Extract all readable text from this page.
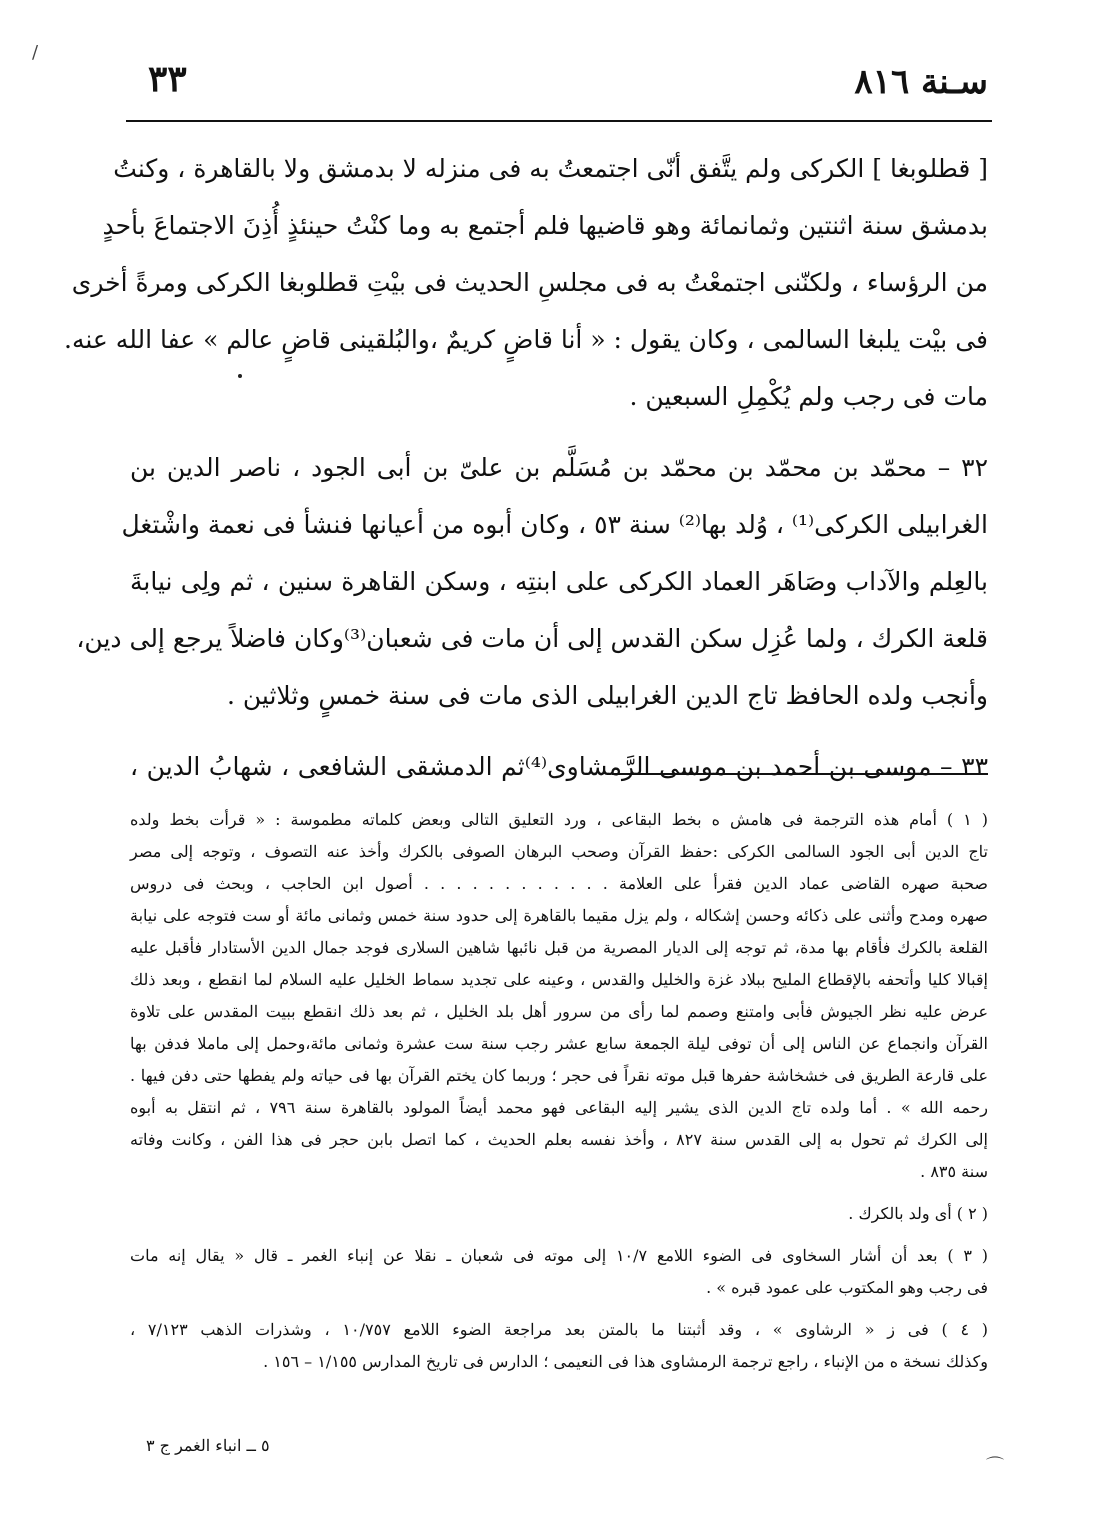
سـنة ٨١٦
٣٣
[ قطلوبغا ] الكركى ولم يتَّفق أنّى اجتمعتُ به فى منزله لا بدمشق ولا بالقاهرة ، وكنتُ
بدمشق سنة اثنتين وثمانمائة وهو قاضيها فلم أجتمع به وما كنْتُ حينئذٍ أُذِنَ الاجتماعَ بأحدٍ
من الرؤساء ، ولكنّنى اجتمعْتُ به فى مجلسِ الحديث فى بيْتِ قطلوبغا الكركى ومرةً أخرى
فى بيْت يلبغا السالمى ، وكان يقول : « أنا قاضٍ كريمٌ ،والبُلقينى قاضٍ عالم » عفا الله عنه.
مات فى رجب ولم يُكْمِلِ السبعين .
٣٢ – محمّد بن محمّد بن محمّد بن مُسَلَّم بن علىّ بن أبى الجود ، ناصر الدين بن
الغرابيلى الكركى⁽¹⁾ ، وُلد بها⁽²⁾ سنة ٥٣ ، وكان أبوه من أعيانها فنشأ فى نعمة واشْتغل
بالعِلم والآداب وصَاهَر العماد الكركى على ابنتِه ، وسكن القاهرة سنين ، ثم ولِى نيابةَ
قلعة الكرك ، ولما عُزِل سكن القدس إلى أن مات فى شعبان⁽³⁾وكان فاضلاً يرجع إلى دين،
وأنجب ولده الحافظ تاج الدين الغرابيلى الذى مات فى سنة خمسٍ وثلاثين .
٣٣ – موسى بن أحمد بن موسى الرَّمشاوى⁽⁴⁾ثم الدمشقى الشافعى ، شهابُ الدين ،
( ١ ) أمام هذه الترجمة فى هامش ه بخط البقاعى ، ورد التعليق التالى وبعض كلماته مطموسة : « قرأت بخط ولده
تاج الدين أبى الجود السالمى الكركى :حفظ القرآن وصحب البرهان الصوفى بالكرك وأخذ عنه التصوف ، وتوجه إلى مصر
صحبة صهره القاضى عماد الدين فقرأ على العلامة . . . . . . . . . . . . أصول ابن الحاجب ، وبحث فى دروس
صهره ومدح وأثنى على ذكائه وحسن إشكاله ، ولم يزل مقيما بالقاهرة إلى حدود سنة خمس وثمانى مائة أو ست فتوجه على نيابة
القلعة بالكرك فأقام بها مدة، ثم توجه إلى الديار المصرية من قبل نائبها شاهين السلارى فوجد جمال الدين الأستادار فأقبل عليه
إقبالا كليا وأتحفه بالإقطاع المليح ببلاد غزة والخليل والقدس ، وعينه على تجديد سماط الخليل عليه السلام لما انقطع ، وبعد ذلك
عرض عليه نظر الجيوش فأبى وامتنع وصمم لما رأى من سرور أهل بلد الخليل ، ثم بعد ذلك انقطع ببيت المقدس على تلاوة
القرآن وانجماع عن الناس إلى أن توفى ليلة الجمعة سابع عشر رجب سنة ست عشرة وثمانى مائة،وحمل إلى ماملا فدفن بها
على قارعة الطريق فى خشخاشة حفرها قبل موته نقراً فى حجر ؛ وربما كان يختم القرآن بها فى حياته ولم يفطها حتى دفن فيها .
رحمه الله » . أما ولده تاج الدين الذى يشير إليه البقاعى فهو محمد أيضاً المولود بالقاهرة سنة ٧٩٦ ، ثم انتقل به أبوه
إلى الكرك ثم تحول به إلى القدس سنة ٨٢٧ ، وأخذ نفسه بعلم الحديث ، كما اتصل بابن حجر فى هذا الفن ، وكانت وفاته
سنة ٨٣٥ .
( ٢ ) أى ولد بالكرك .
( ٣ ) بعد أن أشار السخاوى فى الضوء اللامع ١٠/٧ إلى موته فى شعبان ـ نقلا عن إنباء الغمر ـ قال « يقال إنه مات
فى رجب وهو المكتوب على عمود قبره » .
( ٤ ) فى ز « الرشاوى » ، وقد أثبتنا ما بالمتن بعد مراجعة الضوء اللامع ١٠/٧٥٧ ، وشذرات الذهب ٧/١٢٣ ،
وكذلك نسخة ه من الإنباء ، راجع ترجمة الرمشاوى هذا فى النعيمى ؛ الدارس فى تاريخ المدارس ١/١٥٥ – ١٥٦ .
٥ ــ انباء الغمر ج ٣
/
⌒
